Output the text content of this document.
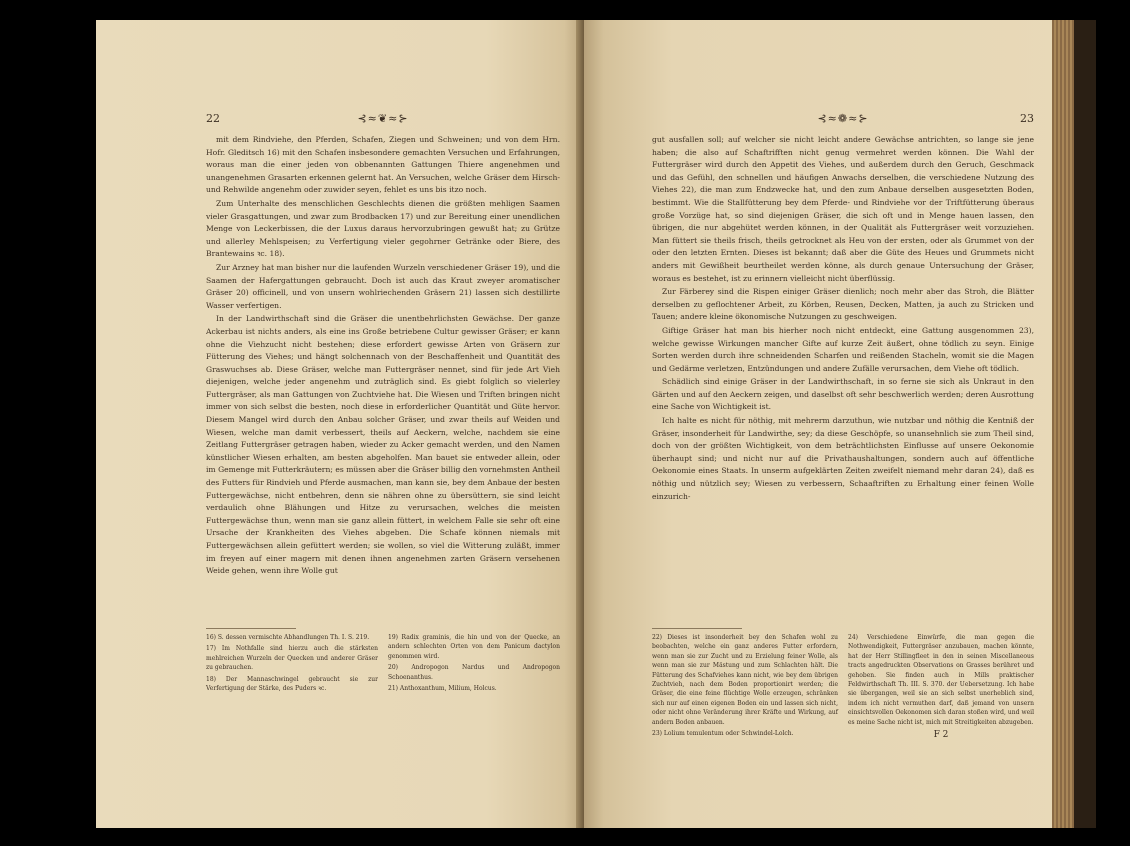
22	⊰≈❦≈⊱

mit dem Rindviehe, den Pferden, Schafen, Ziegen und Schweinen; und von dem Hrn. Hofr. Gleditsch 16) mit den Schafen insbesondere gemachten Versuchen und Erfahrungen, woraus man die einer jeden von obbenannten Gattungen Thiere angenehmen und unangenehmen Grasarten erkennen gelernt hat. An Versuchen, welche Gräser dem Hirsch- und Rehwilde angenehm oder zuwider seyen, fehlet es uns bis itzo noch.

Zum Unterhalte des menschlichen Geschlechts dienen die größten mehligen Saamen vieler Grasgattungen, und zwar zum Brodbacken 17) und zur Bereitung einer unendlichen Menge von Leckerbissen, die der Luxus daraus hervorzubringen gewußt hat; zu Grütze und allerley Mehlspeisen; zu Verfertigung vieler gegohrner Getränke oder Biere, des Brantewains ꝛc. 18).

Zur Arzney hat man bisher nur die laufenden Wurzeln verschiedener Gräser 19), und die Saamen der Hafergattungen gebraucht. Doch ist auch das Kraut zweyer aromatischer Gräser 20) officinell, und von unsern wohlriechenden Gräsern 21) lassen sich destillirte Wasser verfertigen.

In der Landwirthschaft sind die Gräser die unentbehrlichsten Gewächse. Der ganze Ackerbau ist nichts anders, als eine ins Große betriebene Cultur gewisser Gräser; er kann ohne die Viehzucht nicht bestehen; diese erfordert gewisse Arten von Gräsern zur Fütterung des Viehes; und hängt solchennach von der Beschaffenheit und Quantität des Graswuchses ab. Diese Gräser, welche man Futtergräser nennet, sind für jede Art Vieh diejenigen, welche jeder angenehm und zuträglich sind. Es giebt folglich so vielerley Futtergräser, als man Gattungen von Zuchtviehe hat. Die Wiesen und Triften bringen nicht immer von sich selbst die besten, noch diese in erforderlicher Quantität und Güte hervor. Diesem Mangel wird durch den Anbau solcher Gräser, und zwar theils auf Weiden und Wiesen, welche man damit verbessert, theils auf Aeckern, welche, nachdem sie eine Zeitlang Futtergräser getragen haben, wieder zu Acker gemacht werden, und den Namen künstlicher Wiesen erhalten, am besten abgeholfen. Man bauet sie entweder allein, oder im Gemenge mit Futterkräutern; es müssen aber die Gräser billig den vornehmsten Antheil des Futters für Rindvieh und Pferde ausmachen, man kann sie, bey dem Anbaue der besten Futtergewächse, nicht entbehren, denn sie nähren ohne zu übersüttern, sie sind leicht verdaulich ohne Blähungen und Hitze zu verursachen, welches die meisten Futtergewächse thun, wenn man sie ganz allein füttert, in welchem Falle sie sehr oft eine Ursache der Krankheiten des Viehes abgeben. Die Schafe können niemals mit Futtergewächsen allein gefüttert werden; sie wollen, so viel die Witterung zuläßt, immer im freyen auf einer magern mit denen ihnen angenehmen zarten Gräsern versehenen Weide gehen, wenn ihre Wolle gut

16) S. dessen vermischte Abhandlungen Th. I. S. 219.
17) Im Nothfalle sind hierzu auch die stärksten mehlreichen Wurzeln der Quecken und anderer Gräser zu gebrauchen.
18) Der Mannaschwingel gebraucht sie zur Verfertigung der Stärke, des Puders ꝛc.
19) Radix graminis, die hin und von der Quecke, an andern schlechten Orten von dem Panicum dactylon genommen wird.
20) Andropogon Nardus und Andropogon Schoenanthus.
21) Anthoxanthum, Milium, Holcus.
⊰≈❁≈⊱	23

gut ausfallen soll; auf welcher sie nicht leicht andere Gewächse antrichten, so lange sie jene haben; die also auf Schaftrifften nicht genug vermehret werden können. Die Wahl der Futtergräser wird durch den Appetit des Viehes, und außerdem durch den Geruch, Geschmack und das Gefühl, den schnellen und häufigen Anwachs derselben, die verschiedene Nutzung des Viehes 22), die man zum Endzwecke hat, und den zum Anbaue derselben ausgesetzten Boden, bestimmt. Wie die Stallfütterung bey dem Pferde- und Rindviehe vor der Triftfütterung überaus große Vorzüge hat, so sind diejenigen Gräser, die sich oft und in Menge hauen lassen, den übrigen, die nur abgehütet werden können, in der Qualität als Futtergräser weit vorzuziehen. Man füttert sie theils frisch, theils getrocknet als Heu von der ersten, oder als Grummet von der oder den letzten Ernten. Dieses ist bekannt; daß aber die Güte des Heues und Grummets nicht anders mit Gewißheit beurtheilet werden könne, als durch genaue Untersuchung der Gräser, woraus es bestehet, ist zu erinnern vielleicht nicht überflüssig.

Zur Färberey sind die Rispen einiger Gräser dienlich; noch mehr aber das Stroh, die Blätter derselben zu geflochtener Arbeit, zu Körben, Reusen, Decken, Matten, ja auch zu Stricken und Tauen; andere kleine ökonomische Nutzungen zu geschweigen.

Giftige Gräser hat man bis hierher noch nicht entdeckt, eine Gattung ausgenommen 23), welche gewisse Wirkungen mancher Gifte auf kurze Zeit äußert, ohne tödlich zu seyn. Einige Sorten werden durch ihre schneidenden Scharfen und reißenden Stacheln, womit sie die Magen und Gedärme verletzen, Entzündungen und andere Zufälle verursachen, dem Viehe oft tödlich.

Schädlich sind einige Gräser in der Landwirthschaft, in so ferne sie sich als Unkraut in den Gärten und auf den Aeckern zeigen, und daselbst oft sehr beschwerlich werden; deren Ausrottung eine Sache von Wichtigkeit ist.

Ich halte es nicht für nöthig, mit mehrerm darzuthun, wie nutzbar und nöthig die Kentniß der Gräser, insonderheit für Landwirthe, sey; da diese Geschöpfe, so unansehnlich sie zum Theil sind, doch von der größten Wichtigkeit, von dem beträchtlichsten Einflusse auf unsere Oekonomie überhaupt sind; und nicht nur auf die Privathaushaltungen, sondern auch auf öffentliche Oekonomie eines Staats. In unserm aufgeklärten Zeiten zweifelt niemand mehr daran 24), daß es nöthig und nützlich sey; Wiesen zu verbessern, Schaaftriften zu Erhaltung einer feinen Wolle einzurich-

22) Dieses ist insonderheit bey den Schafen wohl zu beobachten, welche ein ganz anderes Futter erfordern, wenn man sie zur Zucht und zu Erzielung feiner Wolle, als wenn man sie zur Mästung und zum Schlachten hält. Die Fütterung des Schafviehes kann nicht, wie bey dem übrigen Zuchtvieh, nach dem Boden proportionirt werden; die Gräser, die eine feine flüchtige Wolle erzeugen, schränken sich nur auf einen eigenen Boden ein und lassen sich nicht, oder nicht ohne Veränderung ihrer Kräfte und Wirkung, auf andern Boden anbauen.
23) Lolium temulentum oder Schwindel-Lolch.
24) Verschiedene Einwürfe, die man gegen die Nothwendigkeit, Futtergräser anzubauen, machen könnte, hat der Herr Stillingfleet in den in seinen Miscellaneous tracts angedruckten Observations on Grasses berühret und gehoben. Sie finden auch in Mills praktischer Feldwirthschaft Th. III. S. 370. der Uebersetzung. Ich habe sie übergangen, weil sie an sich selbst unerheblich sind, indem ich nicht vermuthen darf, daß jemand von unsern einsichtsvollen Oekonomen sich daran stoßen wird, und weil es meine Sache nicht ist, mich mit Streitigkeiten abzugeben.
F 2
